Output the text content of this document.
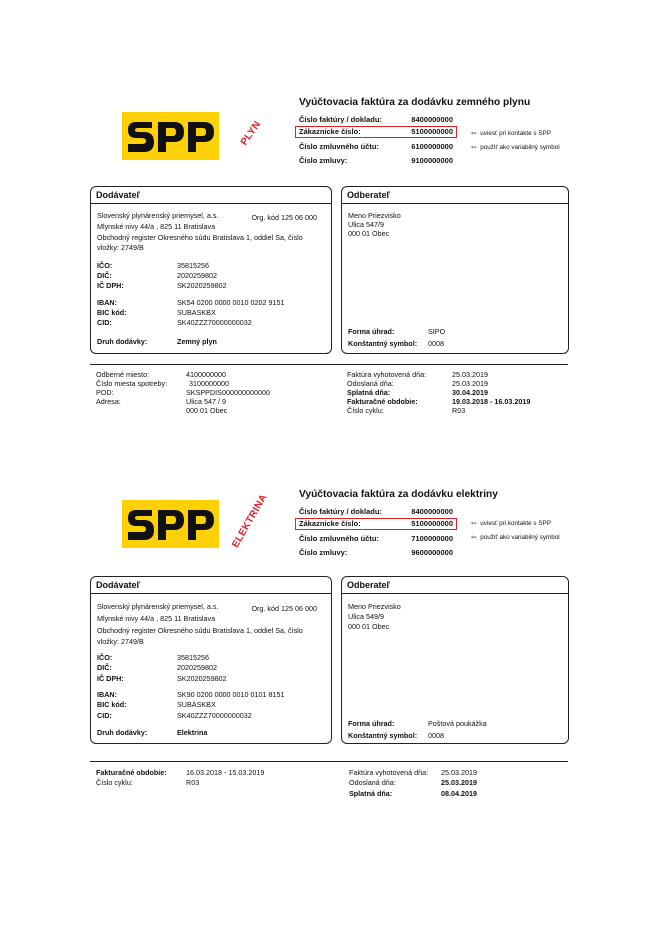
PLYN
Vyúčtovacia faktúra za dodávku zemného plynu
Číslo faktúry / dokladu:	8400000000
Zákaznícke číslo:	5100000000
Číslo zmluvného účtu:	6100000000
Číslo zmluvy:	9100000000
⇦ uviesť pri kontakte s SPP
⇦ použiť ako variabilný symbol
Dodávateľ
Slovenský plynárenský priemysel, a.s.	Org. kód 125 06 000
Mlynské nivy 44/a , 825 11 Bratislava
Obchodný register Okresného súdu Bratislava 1, oddiel Sa, číslo
vložky: 2749/B
IČO:	35815256
DIČ:	2020259802
IČ DPH:	SK2020259802
IBAN:	SK54 0200 0000 0010 0202 9151
BIC kód:	SUBASKBX
CID:	SK40ZZZ70000000032
Druh dodávky:	Zemný plyn
Odberateľ
Meno Priezvisko
Ulica 547/9
000 01 Obec
Forma úhrad:	SIPO
Konštantný symbol: 0008
Odberné miesto:	4100000000
Číslo miesta spotreby:	3100000000
POD:	SKSPPDIS000000000000
Adresa:	Ulica 547 / 9
000 01 Obec
Faktúra vyhotovená dňa:	25.03.2019
Odoslaná dňa:	25.03.2019
Splatná dňa:	30.04.2019
Fakturačné obdobie:	19.03.2018 - 16.03.2019
Číslo cyklu:	R03
ELEKTRINA	Vyúčtovacia faktúra za dodávku elektriny
Číslo faktúry / dokladu:	8400000000
Zákaznícke číslo:	5100000000
Číslo zmluvného účtu:	7100000000
Číslo zmluvy:	9600000000
⇦ uviesť pri kontakte s SPP
⇦ použiť ako variabilný symbol
Dodávateľ
Slovenský plynárenský priemysel, a.s.	Org. kód 125 06 000
Mlynské nivy 44/a , 825 11 Bratislava
Obchodný register Okresného súdu Bratislava 1, oddiel Sa, číslo
vložky: 2749/B
IČO:	35815256
DIČ:	2020259802
IČ DPH:	SK2020259802
IBAN:	SK90 0200 0000 0010 0101 8151
BIC kód:	SUBASKBX
CID:	SK40ZZZ70000000032
Druh dodávky:	Elektrina
Odberateľ
Meno Priezvisko
Ulica 549/9
000 01 Obec
Forma úhrad:	Poštová poukážka
Konštantný symbol: 0008
Fakturačné obdobie:	16.03.2018 - 15.03.2019
Číslo cyklu:	R03
Faktúra vyhotovená dňa: 25.03.2019
Odoslaná dňa:	25.03.2019
Splatná dňa:	08.04.2019
